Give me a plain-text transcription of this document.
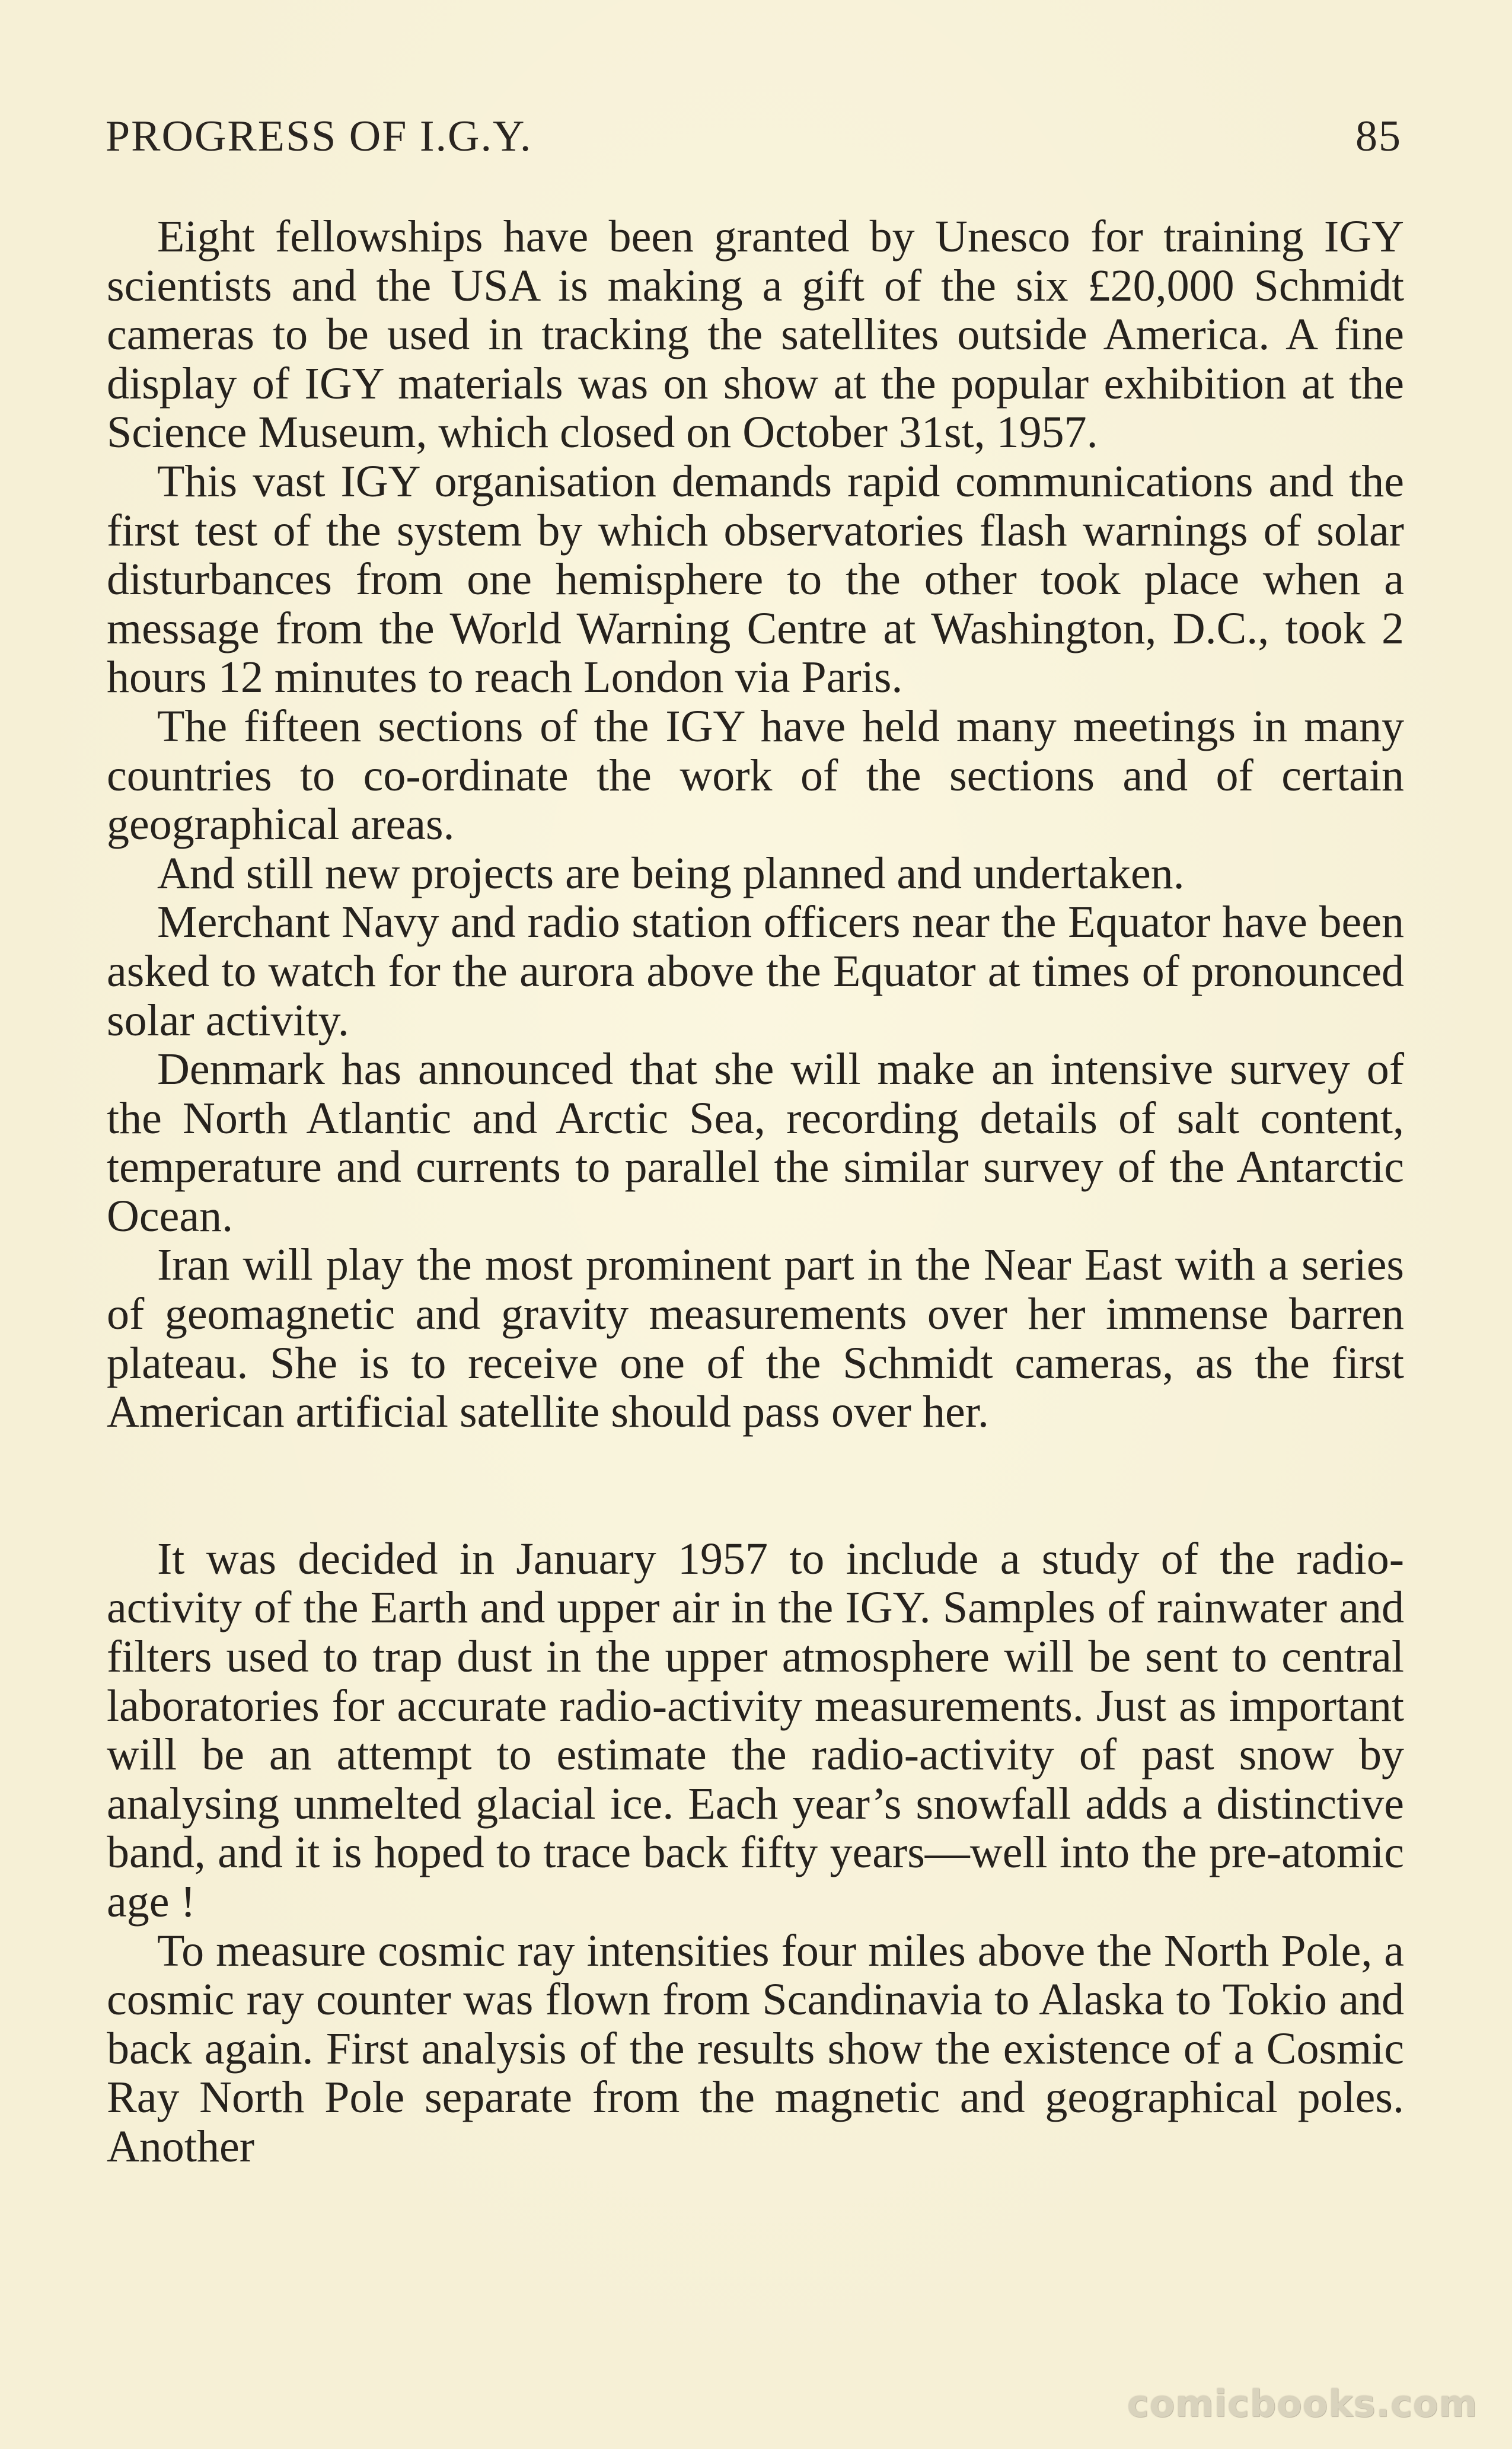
PROGRESS OF I.G.Y.	85

Eight fellowships have been granted by Unesco for training IGY scientists and the USA is making a gift of the six £20,000 Schmidt cameras to be used in tracking the satellites outside America. A fine display of IGY materials was on show at the popular exhibition at the Science Museum, which closed on October 31st, 1957.

This vast IGY organisation demands rapid communications and the first test of the system by which observatories flash warnings of solar disturbances from one hemisphere to the other took place when a message from the World Warning Centre at Washington, D.C., took 2 hours 12 minutes to reach London via Paris.

The fifteen sections of the IGY have held many meetings in many countries to co-ordinate the work of the sections and of certain geographical areas.

And still new projects are being planned and undertaken.

Merchant Navy and radio station officers near the Equator have been asked to watch for the aurora above the Equator at times of pronounced solar activity.

Denmark has announced that she will make an intensive survey of the North Atlantic and Arctic Sea, recording details of salt content, temperature and currents to parallel the similar survey of the Antarctic Ocean.

Iran will play the most prominent part in the Near East with a series of geomagnetic and gravity measurements over her immense barren plateau. She is to receive one of the Schmidt cameras, as the first American artificial satellite should pass over her.

It was decided in January 1957 to include a study of the radio-activity of the Earth and upper air in the IGY. Samples of rainwater and filters used to trap dust in the upper atmosphere will be sent to central laboratories for accurate radio-activity measurements. Just as important will be an attempt to estimate the radio-activity of past snow by analysing unmelted glacial ice. Each year’s snowfall adds a distinctive band, and it is hoped to trace back fifty years—well into the pre-atomic age !

To measure cosmic ray intensities four miles above the North Pole, a cosmic ray counter was flown from Scandinavia to Alaska to Tokio and back again. First analysis of the results show the existence of a Cosmic Ray North Pole separate from the magnetic and geographical poles. Another

comicbooks.com
